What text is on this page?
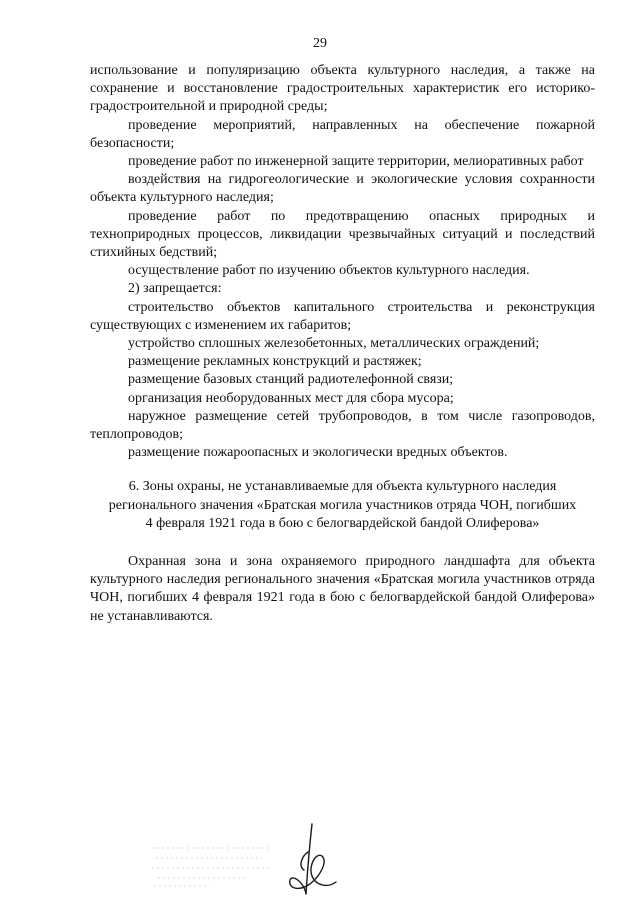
29

использование и популяризацию объекта культурного наследия, а также на сохранение и восстановление градостроительных характеристик его историко-градостроительной и природной среды;

проведение мероприятий, направленных на обеспечение пожарной безопасности;

проведение работ по инженерной защите территории, мелиоративных работ

воздействия на гидрогеологические и экологические условия сохранности объекта культурного наследия;

проведение работ по предотвращению опасных природных и технoприродных процессов, ликвидации чрезвычайных ситуаций и последствий стихийных бедствий;

осуществление работ по изучению объектов культурного наследия.

2) запрещается:

строительство объектов капитального строительства и реконструкция существующих с изменением их габаритов;

устройство сплошных железобетонных, металлических ограждений;

размещение рекламных конструкций и растяжек;

размещение базовых станций радиотелефонной связи;

организация необорудованных мест для сбора мусора;

наружное размещение сетей трубопроводов, в том числе газопроводов, теплопроводов;

размещение пожароопасных и экологически вредных объектов.

6. Зоны охраны, не устанавливаемые для объекта культурного наследия регионального значения «Братская могила участников отряда ЧОН, погибших 4 февраля 1921 года в бою с белогвардейской бандой Олиферова»

Охранная зона и зона охраняемого природного ландшафта для объекта культурного наследия регионального значения «Братская могила участников отряда ЧОН, погибших 4 февраля 1921 года в бою с белогвардейской бандой Олиферова» не устанавливаются.
